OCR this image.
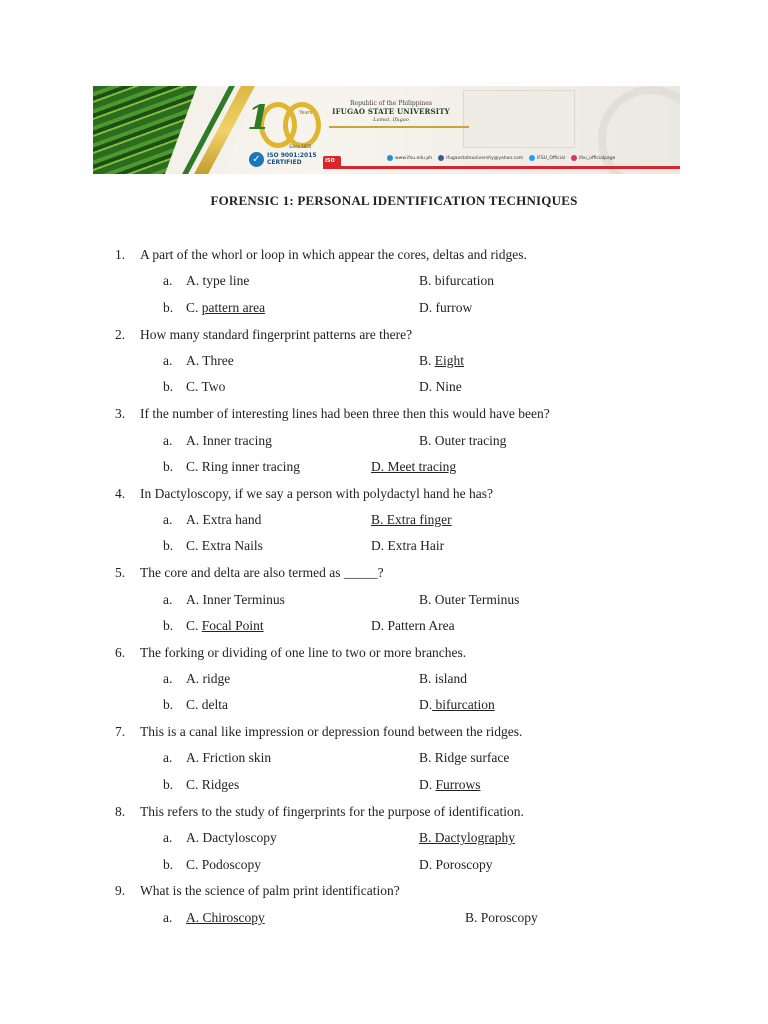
1	Years
Since 1920
✓	ISO 9001:2015
CERTIFIED	ISO
Republic of the Philippines
IFUGAO STATE UNIVERSITY
Lamut, Ifugao
www.ifsu.edu.ph	ifugaostateuniversity@yahoo.com	IFSU_Official	ifsu_officialpage
FORENSIC 1: PERSONAL IDENTIFICATION TECHNIQUES
1. A part of the whorl or loop in which appear the cores, deltas and ridges.
a. A. type line	B. bifurcation
b. C. pattern area	D. furrow
2. How many standard fingerprint patterns are there?
a. A. Three	B. Eight
b. C. Two	D. Nine
3. If the number of interesting lines had been three then this would have been?
a. A. Inner tracing	B. Outer tracing
b. C. Ring inner tracing	D. Meet tracing
4. In Dactyloscopy, if we say a person with polydactyl hand he has?
a. A. Extra hand	B. Extra finger
b. C. Extra Nails	D. Extra Hair
5. The core and delta are also termed as _____?
a. A. Inner Terminus	B. Outer Terminus
b. C. Focal Point	D. Pattern Area
6. The forking or dividing of one line to two or more branches.
a. A. ridge	B. island
b. C. delta	D. bifurcation
7. This is a canal like impression or depression found between the ridges.
a. A. Friction skin	B. Ridge surface
b. C. Ridges	D. Furrows
8. This refers to the study of fingerprints for the purpose of identification.
a. A. Dactyloscopy	B. Dactylography
b. C. Podoscopy	D. Poroscopy
9. What is the science of palm print identification?
a. A. Chiroscopy	B. Poroscopy
